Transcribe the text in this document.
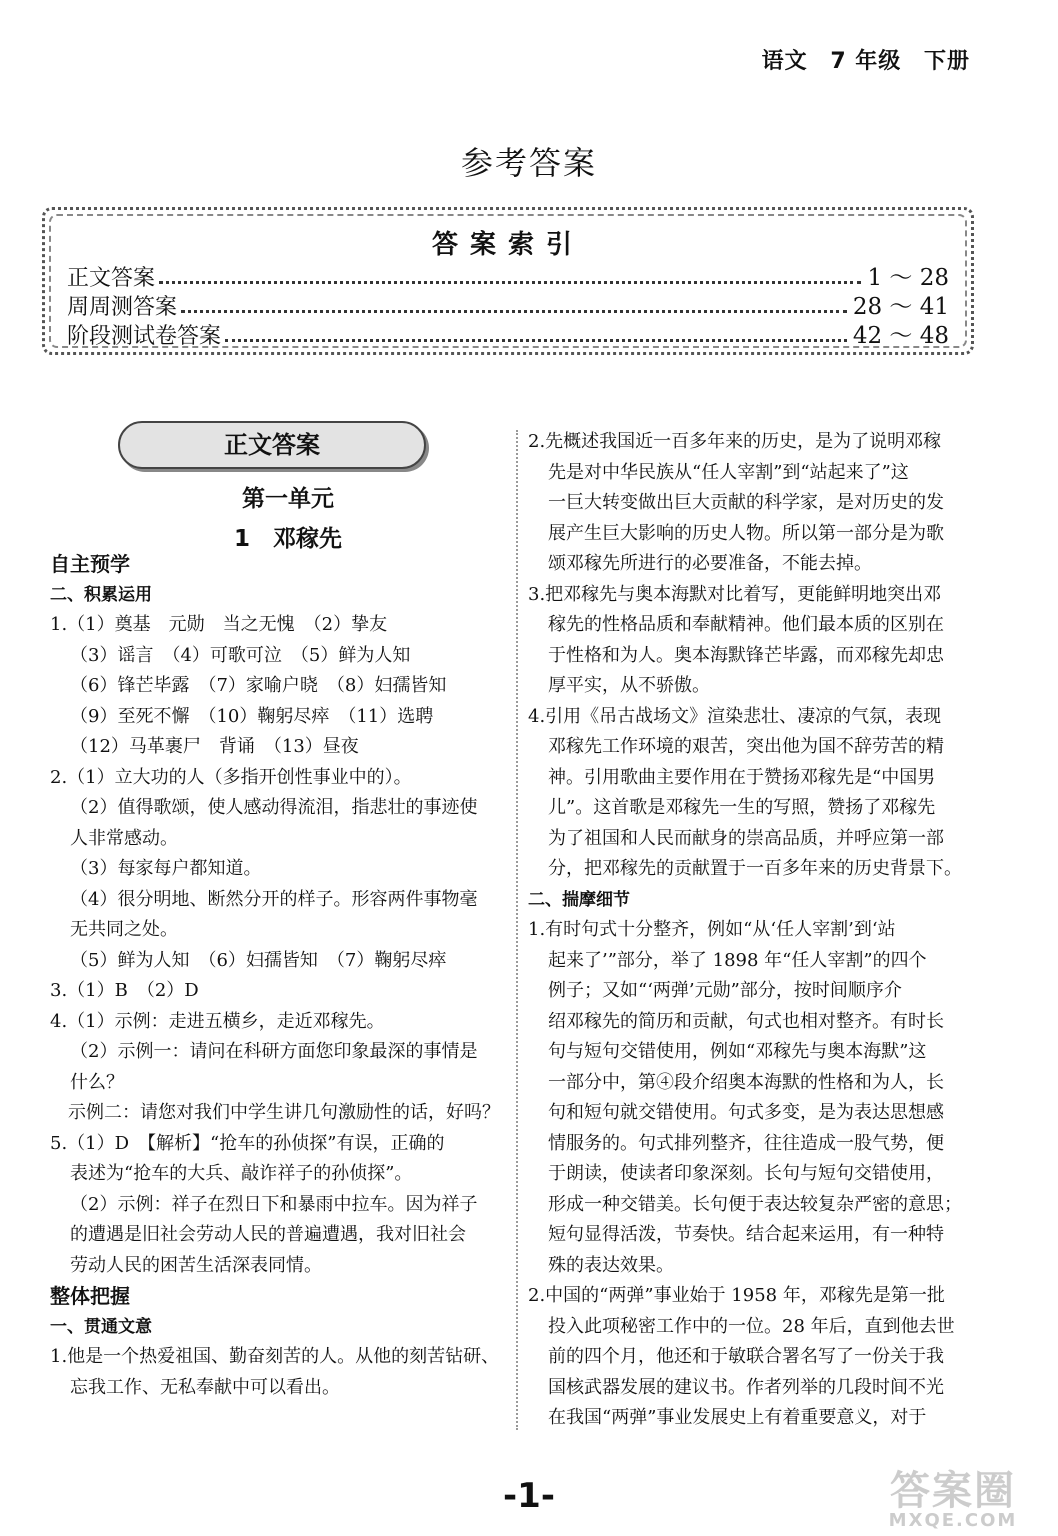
语文 7 年级 下册
参考答案
答案索引
正文答案	1 ～ 28
周周测答案	28 ～ 41
阶段测试卷答案	42 ～ 48
正文答案
第一单元
1　邓稼先

自主预学

二、积累运用

1.（1）奠基　元勋　当之无愧　（2）挚友

（3）谣言　（4）可歌可泣　（5）鲜为人知

（6）锋芒毕露　（7）家喻户晓　（8）妇孺皆知

（9）至死不懈　（10）鞠躬尽瘁　（11）选聘

（12）马革裹尸　背诵　（13）昼夜

2.（1）立大功的人（多指开创性事业中的）。

（2）值得歌颂，使人感动得流泪，指悲壮的事迹使

人非常感动。

（3）每家每户都知道。

（4）很分明地、断然分开的样子。形容两件事物毫

无共同之处。

（5）鲜为人知　（6）妇孺皆知　（7）鞠躬尽瘁

3.（1）B　（2）D

4.（1）示例：走进五横乡，走近邓稼先。

（2）示例一：请问在科研方面您印象最深的事情是

什么？

　示例二：请您对我们中学生讲几句激励性的话，好吗？

5.（1）D　【解析】“抢车的孙侦探”有误，正确的

表述为“抢车的大兵、敲诈祥子的孙侦探”。

（2）示例：祥子在烈日下和暴雨中拉车。因为祥子

的遭遇是旧社会劳动人民的普遍遭遇，我对旧社会

劳动人民的困苦生活深表同情。

整体把握

一、贯通文意

1.他是一个热爱祖国、勤奋刻苦的人。从他的刻苦钻研、

忘我工作、无私奉献中可以看出。

2.先概述我国近一百多年来的历史，是为了说明邓稼

先是对中华民族从“任人宰割”到“站起来了”这

一巨大转变做出巨大贡献的科学家，是对历史的发

展产生巨大影响的历史人物。所以第一部分是为歌

颂邓稼先所进行的必要准备，不能去掉。

3.把邓稼先与奥本海默对比着写，更能鲜明地突出邓

稼先的性格品质和奉献精神。他们最本质的区别在

于性格和为人。奥本海默锋芒毕露，而邓稼先却忠

厚平实，从不骄傲。

4.引用《吊古战场文》渲染悲壮、凄凉的气氛，表现

邓稼先工作环境的艰苦，突出他为国不辞劳苦的精

神。引用歌曲主要作用在于赞扬邓稼先是“中国男

儿”。这首歌是邓稼先一生的写照，赞扬了邓稼先

为了祖国和人民而献身的崇高品质，并呼应第一部

分，把邓稼先的贡献置于一百多年来的历史背景下。

二、揣摩细节

1.有时句式十分整齐，例如“从‘任人宰割’到‘站

起来了’”部分，举了 1898 年“任人宰割”的四个

例子；又如“‘两弹’元勋”部分，按时间顺序介

绍邓稼先的简历和贡献，句式也相对整齐。有时长

句与短句交错使用，例如“邓稼先与奥本海默”这

一部分中，第④段介绍奥本海默的性格和为人，长

句和短句就交错使用。句式多变，是为表达思想感

情服务的。句式排列整齐，往往造成一股气势，便

于朗读，使读者印象深刻。长句与短句交错使用，

形成一种交错美。长句便于表达较复杂严密的意思；

短句显得活泼，节奏快。结合起来运用，有一种特

殊的表达效果。

2.中国的“两弹”事业始于 1958 年，邓稼先是第一批

投入此项秘密工作中的一位。28 年后，直到他去世

前的四个月，他还和于敏联合署名写了一份关于我

国核武器发展的建议书。作者列举的几段时间不光

在我国“两弹”事业发展史上有着重要意义，对于

-1-	答案圈
MXQE.COM
